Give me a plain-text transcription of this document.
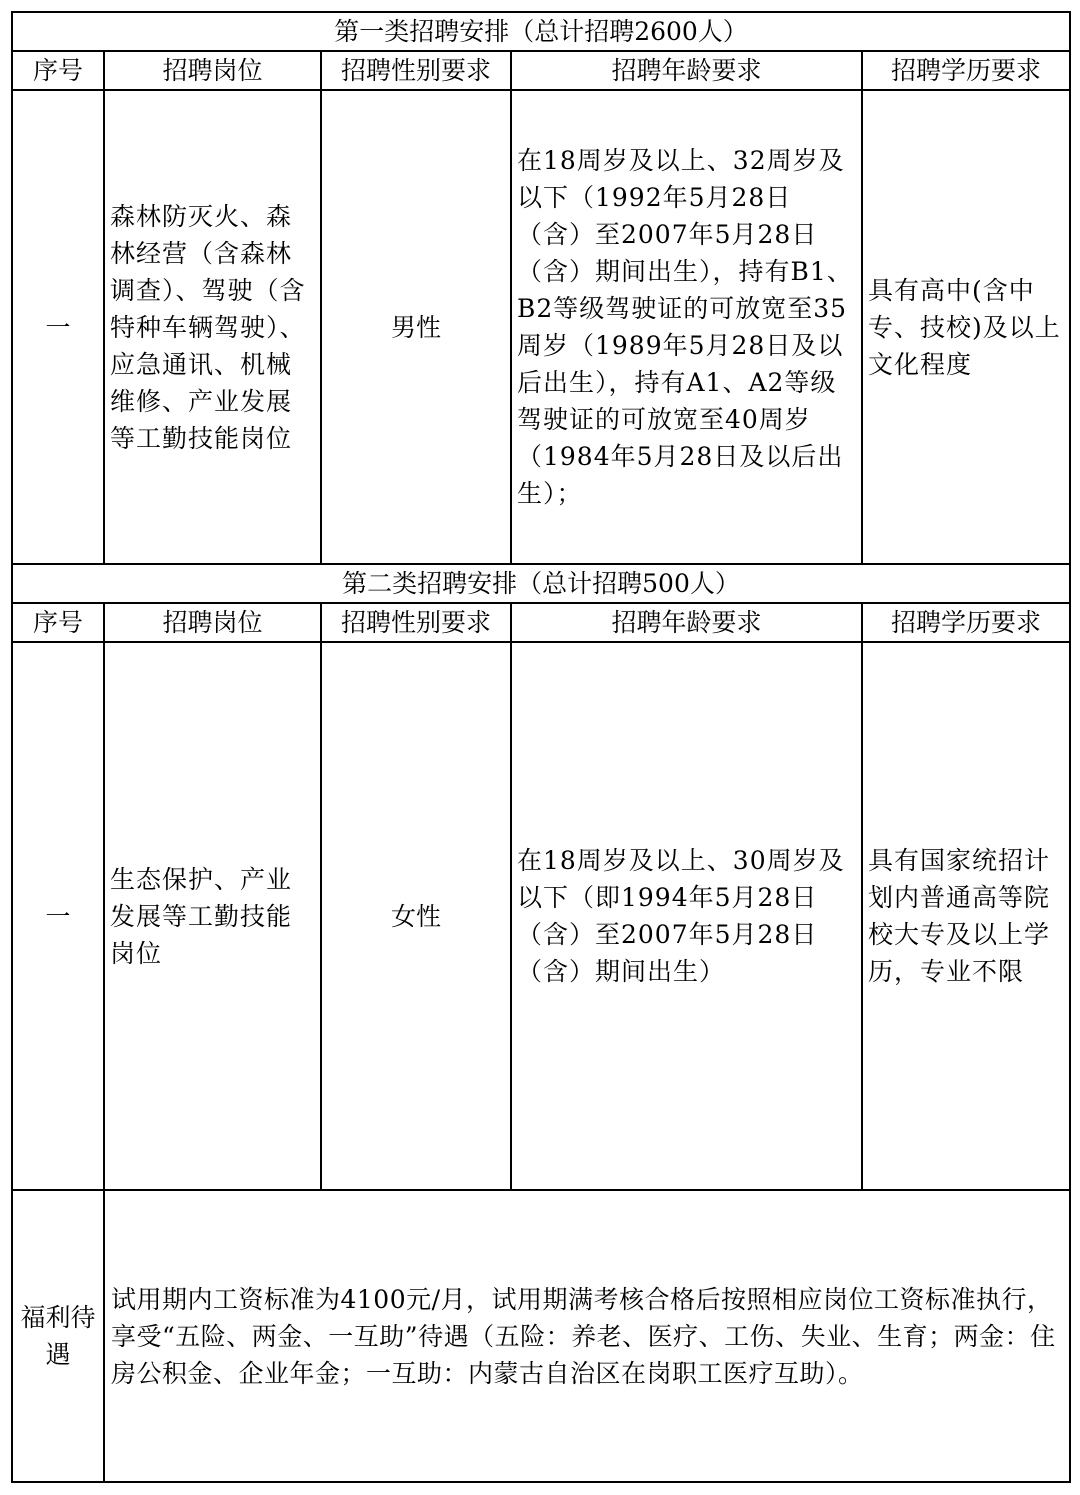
第一类招聘安排（总计招聘2600人）				
序号	招聘岗位	招聘性别要求	招聘年龄要求	招聘学历要求
一	森林防灭火、森林经营（含森林调查）、驾驶（含特种车辆驾驶）、应急通讯、机械维修、产业发展等工勤技能岗位	男性	在18周岁及以上、32周岁及以下（1992年5月28日（含）至2007年5月28日（含）期间出生），持有B1、B2等级驾驶证的可放宽至35周岁（1989年5月28日及以后出生），持有A1、A2等级驾驶证的可放宽至40周岁（1984年5月28日及以后出生）；	具有高中(含中专、技校)及以上文化程度
第二类招聘安排（总计招聘500人）				
序号	招聘岗位	招聘性别要求	招聘年龄要求	招聘学历要求
一	生态保护、产业发展等工勤技能岗位	女性	在18周岁及以上、30周岁及以下（即1994年5月28日（含）至2007年5月28日（含）期间出生）	具有国家统招计划内普通高等院校大专及以上学历，专业不限
福利待遇	试用期内工资标准为4100元/月，试用期满考核合格后按照相应岗位工资标准执行，享受“五险、两金、一互助”待遇（五险：养老、医疗、工伤、失业、生育；两金：住房公积金、企业年金；一互助：内蒙古自治区在岗职工医疗互助）。			
